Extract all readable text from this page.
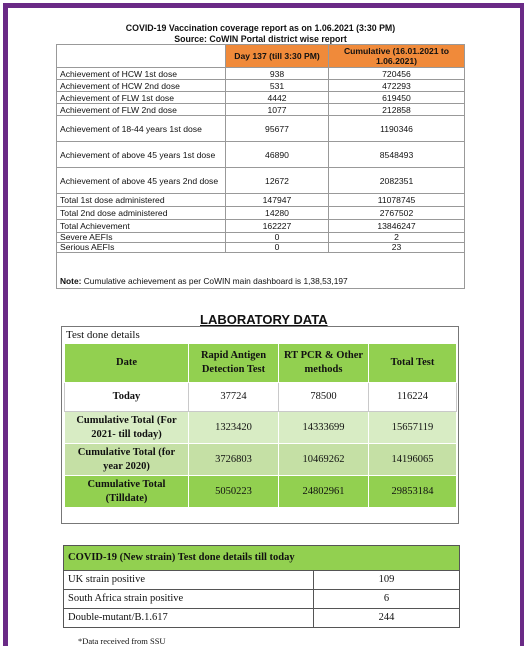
COVID-19 Vaccination coverage report as on 1.06.2021 (3:30 PM)		
Source: CoWIN Portal district wise report		
	Day 137 (till 3:30 PM)	Cumulative (16.01.2021 to 1.06.2021)
Achievement of HCW 1st dose	938	720456
Achievement of HCW 2nd dose	531	472293
Achievement of FLW 1st dose	4442	619450
Achievement of FLW 2nd dose	1077	212858
Achievement of 18-44 years 1st dose	95677	1190346
Achievement of above 45 years 1st dose	46890	8548493
Achievement of above 45 years 2nd dose	12672	2082351
Total 1st dose administered	147947	11078745
Total 2nd dose administered	14280	2767502
Total Achievement	162227	13846247
Severe AEFIs	0	2
Serious AEFIs	0	23

Note: Cumulative achievement as per CoWIN main dashboard is 1,38,53,197		
LABORATORY DATA
Test done details
Date	Rapid Antigen Detection Test	RT PCR & Other methods	Total Test
Today	37724	78500	116224
Cumulative Total (For 2021- till today)	1323420	14333699	15657119
Cumulative Total (for year 2020)	3726803	10469262	14196065
Cumulative Total (Tilldate)	5050223	24802961	29853184
COVID-19 (New strain) Test done details till today	
UK strain positive	109
South Africa strain positive	6
Double-mutant/B.1.617	244
*Data received from SSU
